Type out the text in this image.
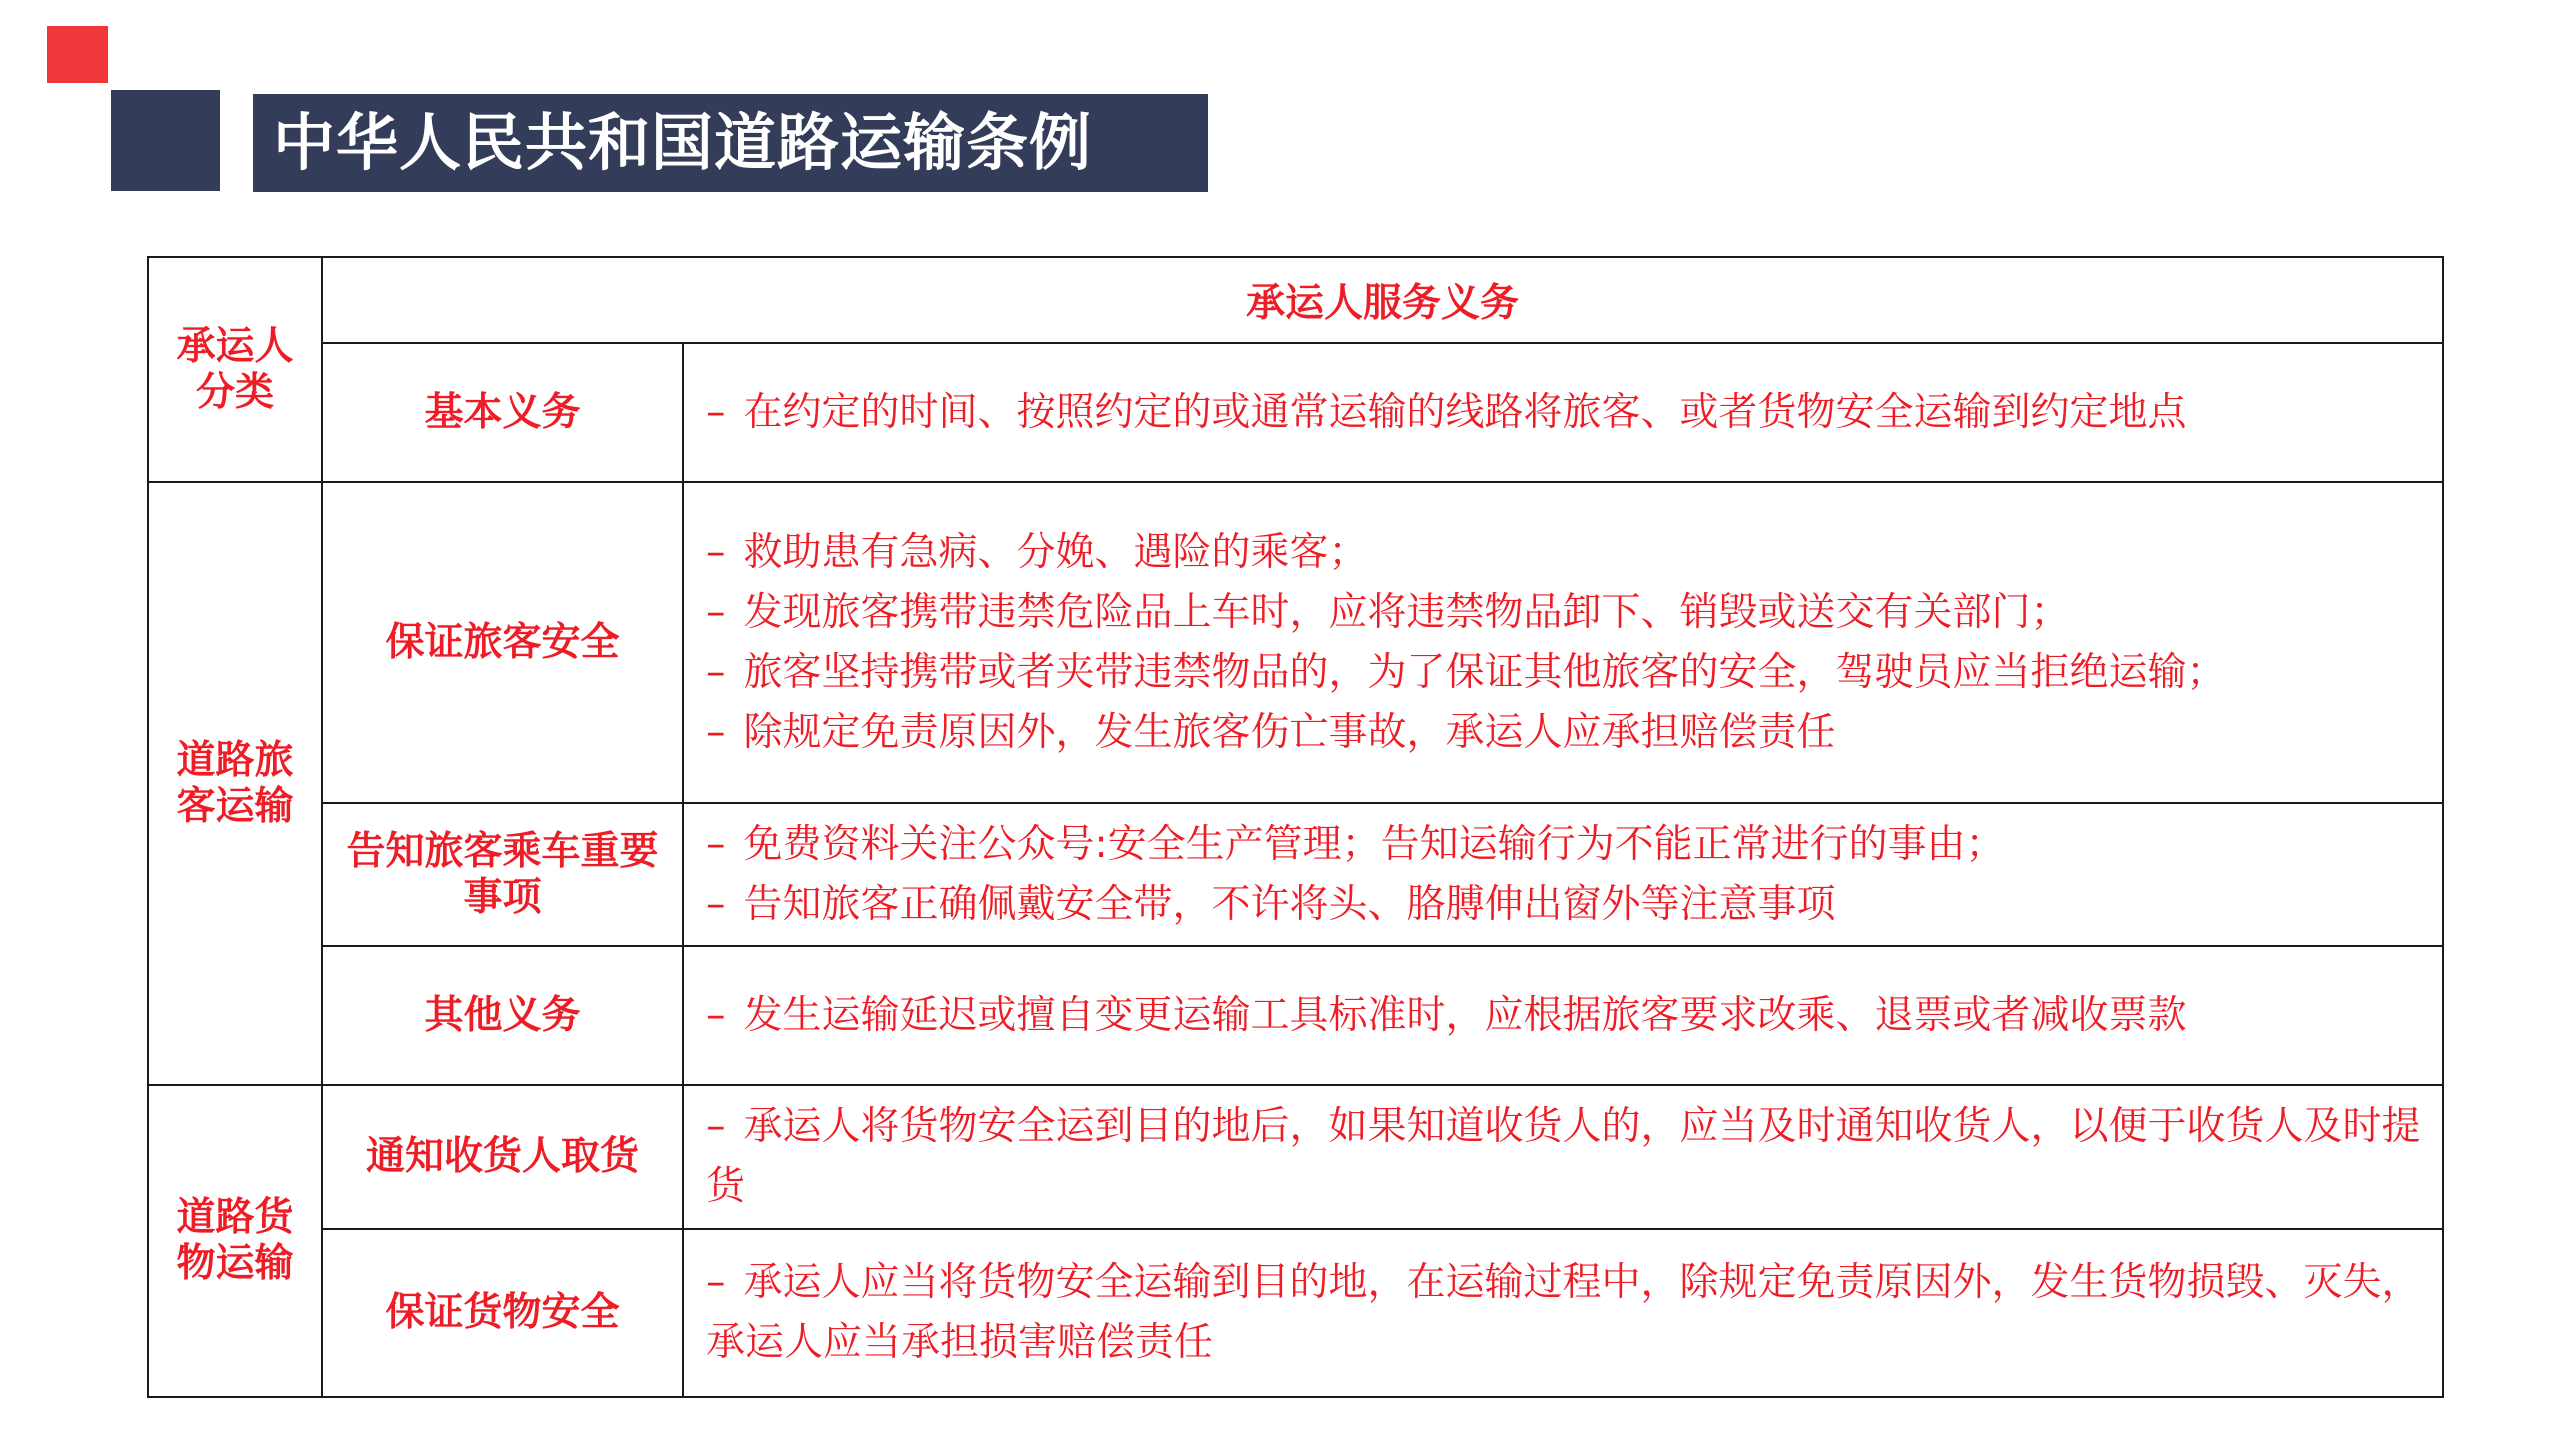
中华人民共和国道路运输条例
承运人分类	承运人服务义务	
	基本义务	– 在约定的时间、按照约定的或通常运输的线路将旅客、或者货物安全运输到约定地点

道路旅客运输	保证旅客安全	– 救助患有急病、分娩、遇险的乘客；
– 发现旅客携带违禁危险品上车时，应将违禁物品卸下、销毁或送交有关部门；
– 旅客坚持携带或者夹带违禁物品的，为了保证其他旅客的安全，驾驶员应当拒绝运输；
– 除规定免责原因外，发生旅客伤亡事故，承运人应承担赔偿责任

	告知旅客乘车重要事项	– 免费资料关注公众号:安全生产管理；告知运输行为不能正常进行的事由；
– 告知旅客正确佩戴安全带，不许将头、胳膊伸出窗外等注意事项

	其他义务	– 发生运输延迟或擅自变更运输工具标准时，应根据旅客要求改乘、退票或者减收票款

道路货物运输	通知收货人取货	– 承运人将货物安全运到目的地后，如果知道收货人的，应当及时通知收货人，以便于收货人及时提货

	保证货物安全	– 承运人应当将货物安全运输到目的地，在运输过程中，除规定免责原因外，发生货物损毁、灭失，承运人应当承担损害赔偿责任
